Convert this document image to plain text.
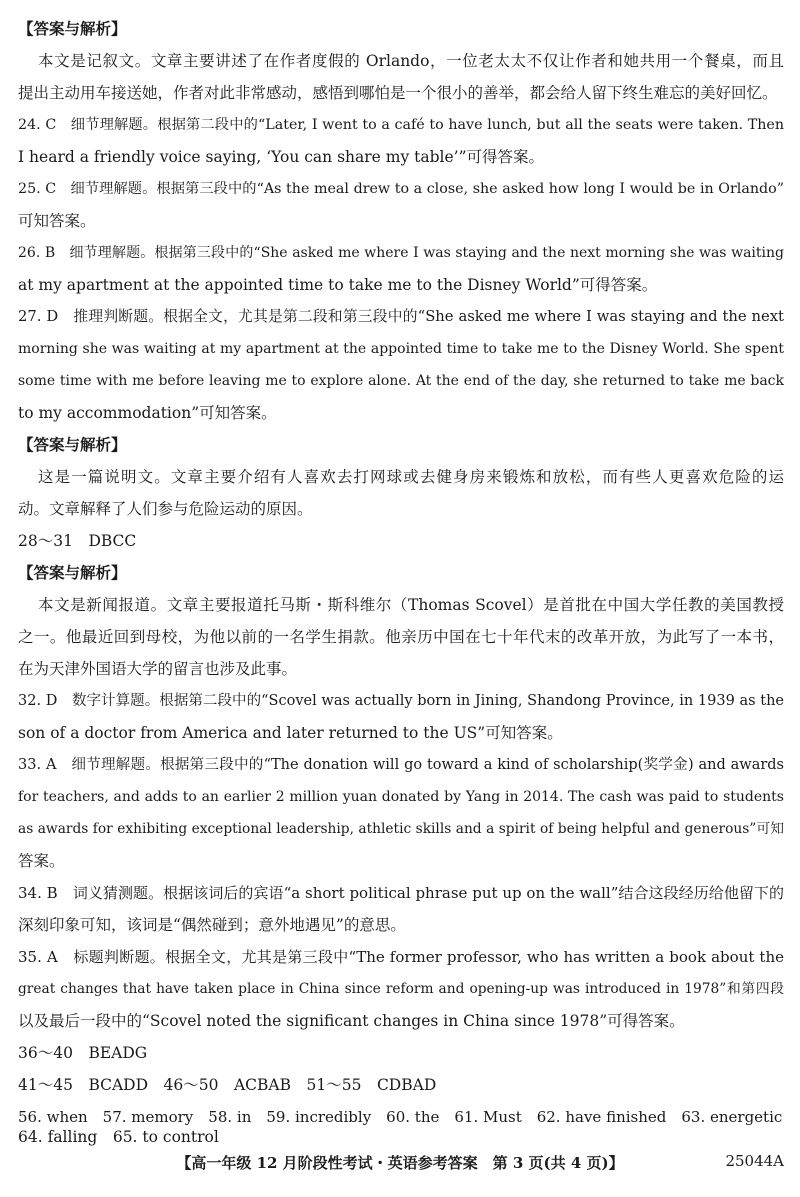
【答案与解析】
本文是记叙文。文章主要讲述了在作者度假的 Orlando，一位老太太不仅让作者和她共用一个餐桌，而且
提出主动用车接送她，作者对此非常感动，感悟到哪怕是一个很小的善举，都会给人留下终生难忘的美好回忆。
24. C　细节理解题。根据第二段中的“Later, I went to a café to have lunch, but all the seats were taken. Then
I heard a friendly voice saying, ‘You can share my table’”可得答案。
25. C　细节理解题。根据第三段中的“As the meal drew to a close, she asked how long I would be in Orlando”
可知答案。
26. B　细节理解题。根据第三段中的“She asked me where I was staying and the next morning she was waiting
at my apartment at the appointed time to take me to the Disney World”可得答案。
27. D　推理判断题。根据全文，尤其是第二段和第三段中的“She asked me where I was staying and the next
morning she was waiting at my apartment at the appointed time to take me to the Disney World. She spent
some time with me before leaving me to explore alone. At the end of the day, she returned to take me back
to my accommodation”可知答案。
【答案与解析】
这是一篇说明文。文章主要介绍有人喜欢去打网球或去健身房来锻炼和放松，而有些人更喜欢危险的运
动。文章解释了人们参与危险运动的原因。
28～31　DBCC
【答案与解析】
本文是新闻报道。文章主要报道托马斯・斯科维尔（Thomas Scovel）是首批在中国大学任教的美国教授
之一。他最近回到母校，为他以前的一名学生捐款。他亲历中国在七十年代末的改革开放，为此写了一本书，
在为天津外国语大学的留言也涉及此事。
32. D　数字计算题。根据第二段中的“Scovel was actually born in Jining, Shandong Province, in 1939 as the
son of a doctor from America and later returned to the US”可知答案。
33. A　细节理解题。根据第三段中的“The donation will go toward a kind of scholarship(奖学金) and awards
for teachers, and adds to an earlier 2 million yuan donated by Yang in 2014. The cash was paid to students
as awards for exhibiting exceptional leadership, athletic skills and a spirit of being helpful and generous”可知
答案。
34. B　词义猜测题。根据该词后的宾语“a short political phrase put up on the wall”结合这段经历给他留下的
深刻印象可知，该词是“偶然碰到；意外地遇见”的意思。
35. A　标题判断题。根据全文，尤其是第三段中“The former professor, who has written a book about the
great changes that have taken place in China since reform and opening-up was introduced in 1978”和第四段
以及最后一段中的“Scovel noted the significant changes in China since 1978”可得答案。
36～40　BEADG
41～45　BCADD　46～50　ACBAB　51～55　CDBAD
56. when　57. memory　58. in　59. incredibly　60. the　61. Must　62. have finished　63. energetic
64. falling　65. to control
【高一年级 12 月阶段性考试・英语参考答案　第 3 页(共 4 页)】	25044A
